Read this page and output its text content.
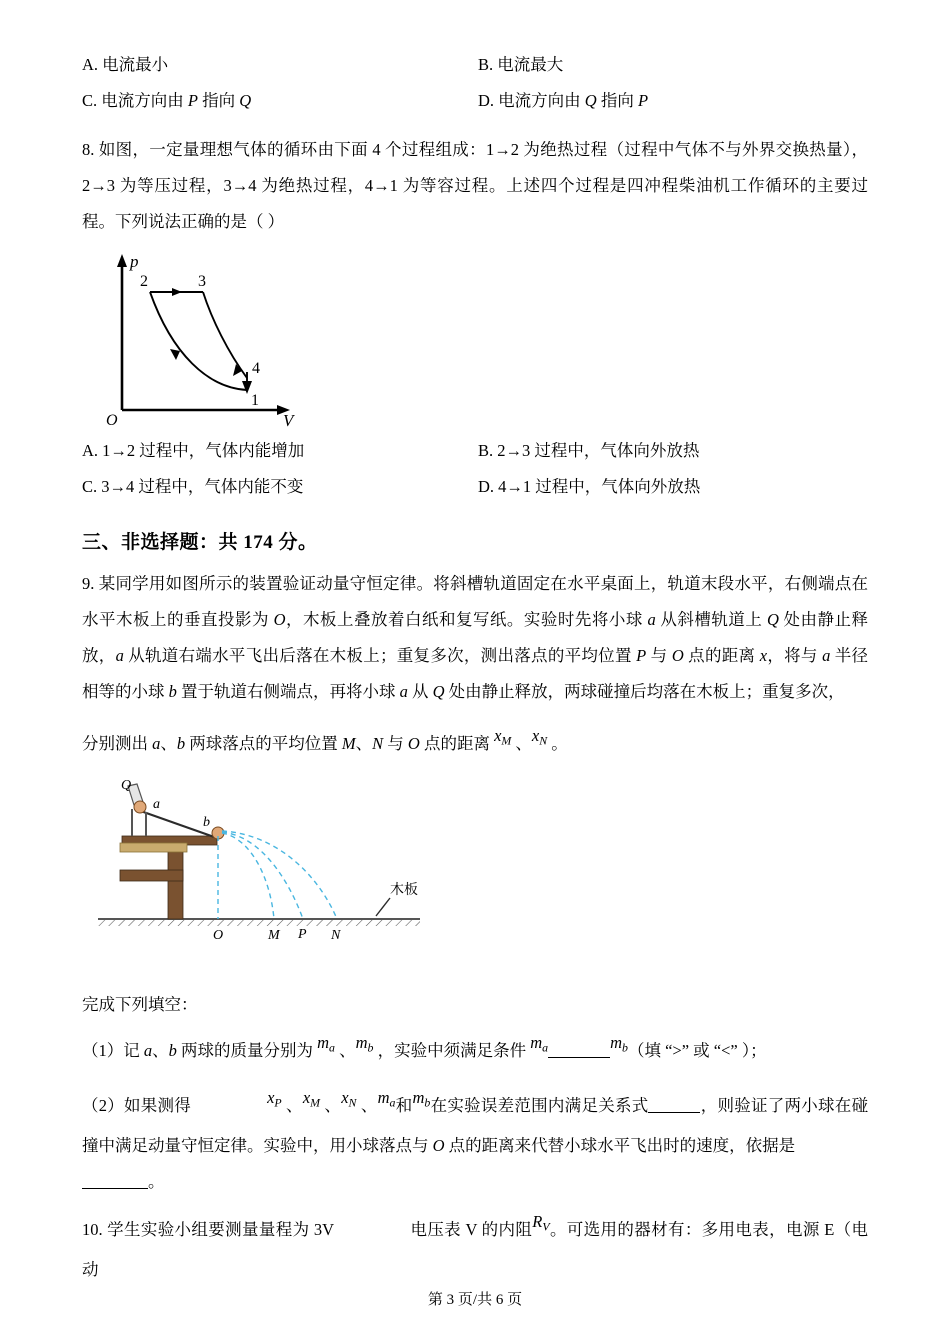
A. 电流最小	B. 电流最大
C. 电流方向由 P 指向 Q	D. 电流方向由 Q 指向 P

8. 如图，一定量理想气体的循环由下面 4 个过程组成：1→2 为绝热过程（过程中气体不与外界交换热量），2→3 为等压过程，3→4 为绝热过程，4→1 为等容过程。上述四个过程是四冲程柴油机工作循环的主要过程。下列说法正确的是（ ）

p
V
O
2	3
4
1
A. 1→2 过程中，气体内能增加	B. 2→3 过程中，气体向外放热
C. 3→4 过程中，气体内能不变	D. 4→1 过程中，气体向外放热

三、非选择题：共 174 分。

9. 某同学用如图所示的装置验证动量守恒定律。将斜槽轨道固定在水平桌面上，轨道末段水平，右侧端点在水平木板上的垂直投影为 O，木板上叠放着白纸和复写纸。实验时先将小球 a 从斜槽轨道上 Q 处由静止释放，a 从轨道右端水平飞出后落在木板上；重复多次，测出落点的平均位置 P 与 O 点的距离 x，将与 a 半径相等的小球 b 置于轨道右侧端点，再将小球 a 从 Q 处由静止释放，两球碰撞后均落在木板上；重复多次，

分别测出 a、b 两球落点的平均位置 M、N 与 O 点的距离 $x_M$ 、$x_N$ 。

Q
a
b
木板
O	M P N

完成下列填空：

（1）记 a、b 两球的质量分别为 $m_a$ 、$m_b$ ，实验中须满足条件 $m_a$	$m_b$（填 “>” 或 “<” ）；

（2）如果测得	$x_P$ 、$x_M$ 、$x_N$ 、$m_a$和$m_b$在实验误差范围内满足关系式	，则验证了两小球在碰撞中满足动量守恒定律。实验中，用小球落点与 O 点的距离来代替小球水平飞出时的速度，依据是

。

10. 学生实验小组要测量量程为 3V	电压表 V 的内阻$R_V$。可选用的器材有：多用电表，电源 E（电动

第 3 页/共 6 页
